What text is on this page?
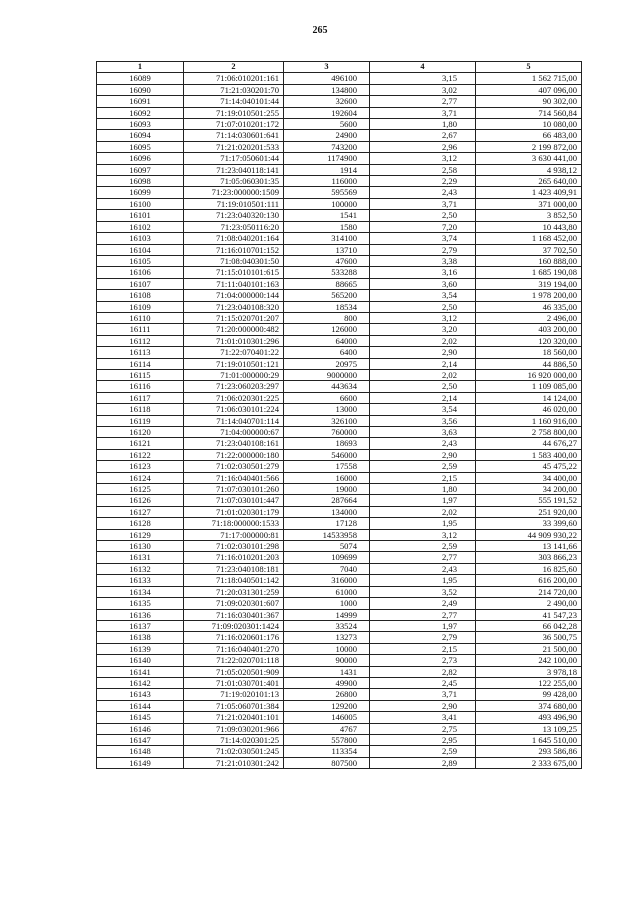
265
1	2	3	4	5
16089	71:06:010201:161	496100	3,15	1 562 715,00
16090	71:21:030201:70	134800	3,02	407 096,00
16091	71:14:040101:44	32600	2,77	90 302,00
16092	71:19:010501:255	192604	3,71	714 560,84
16093	71:07:010201:172	5600	1,80	10 080,00
16094	71:14:030601:641	24900	2,67	66 483,00
16095	71:21:020201:533	743200	2,96	2 199 872,00
16096	71:17:050601:44	1174900	3,12	3 630 441,00
16097	71:23:040118:141	1914	2,58	4 938,12
16098	71:05:060301:35	116000	2,29	265 640,00
16099	71:23:000000:1509	595569	2,43	1 423 409,91
16100	71:19:010501:111	100000	3,71	371 000,00
16101	71:23:040320:130	1541	2,50	3 852,50
16102	71:23:050116:20	1580	7,20	10 443,80
16103	71:08:040201:164	314100	3,74	1 168 452,00
16104	71:16:010701:152	13710	2,79	37 702,50
16105	71:08:040301:50	47600	3,38	160 888,00
16106	71:15:010101:615	533288	3,16	1 685 190,08
16107	71:11:040101:163	88665	3,60	319 194,00
16108	71:04:000000:144	565200	3,54	1 978 200,00
16109	71:23:040108:320	18534	2,50	46 335,00
16110	71:15:020701:207	800	3,12	2 496,00
16111	71:20:000000:482	126000	3,20	403 200,00
16112	71:01:010301:296	64000	2,02	120 320,00
16113	71:22:070401:22	6400	2,90	18 560,00
16114	71:19:010501:121	20975	2,14	44 886,50
16115	71:01:000000:29	9000000	2,02	16 920 000,00
16116	71:23:060203:297	443634	2,50	1 109 085,00
16117	71:06:020301:225	6600	2,14	14 124,00
16118	71:06:030101:224	13000	3,54	46 020,00
16119	71:14:040701:114	326100	3,56	1 160 916,00
16120	71:04:000000:67	760000	3,63	2 758 800,00
16121	71:23:040108:161	18693	2,43	44 676,27
16122	71:22:000000:180	546000	2,90	1 583 400,00
16123	71:02:030501:279	17558	2,59	45 475,22
16124	71:16:040401:566	16000	2,15	34 400,00
16125	71:07:030101:260	19000	1,80	34 200,00
16126	71:07:030101:447	287664	1,97	555 191,52
16127	71:01:020301:179	134000	2,02	251 920,00
16128	71:18:000000:1533	17128	1,95	33 399,60
16129	71:17:000000:81	14533958	3,12	44 909 930,22
16130	71:02:030101:298	5074	2,59	13 141,66
16131	71:16:010201:203	109699	2,77	303 866,23
16132	71:23:040108:181	7040	2,43	16 825,60
16133	71:18:040501:142	316000	1,95	616 200,00
16134	71:20:031301:259	61000	3,52	214 720,00
16135	71:09:020301:607	1000	2,49	2 490,00
16136	71:16:030401:367	14999	2,77	41 547,23
16137	71:09:020301:1424	33524	1,97	66 042,28
16138	71:16:020601:176	13273	2,79	36 500,75
16139	71:16:040401:270	10000	2,15	21 500,00
16140	71:22:020701:118	90000	2,73	242 100,00
16141	71:05:020501:909	1431	2,82	3 978,18
16142	71:01:030701:401	49900	2,45	122 255,00
16143	71:19:020101:13	26800	3,71	99 428,00
16144	71:05:060701:384	129200	2,90	374 680,00
16145	71:21:020401:101	146005	3,41	493 496,90
16146	71:09:030201:966	4767	2,75	13 109,25
16147	71:14:020301:25	557800	2,95	1 645 510,00
16148	71:02:030501:245	113354	2,59	293 586,86
16149	71:21:010301:242	807500	2,89	2 333 675,00
